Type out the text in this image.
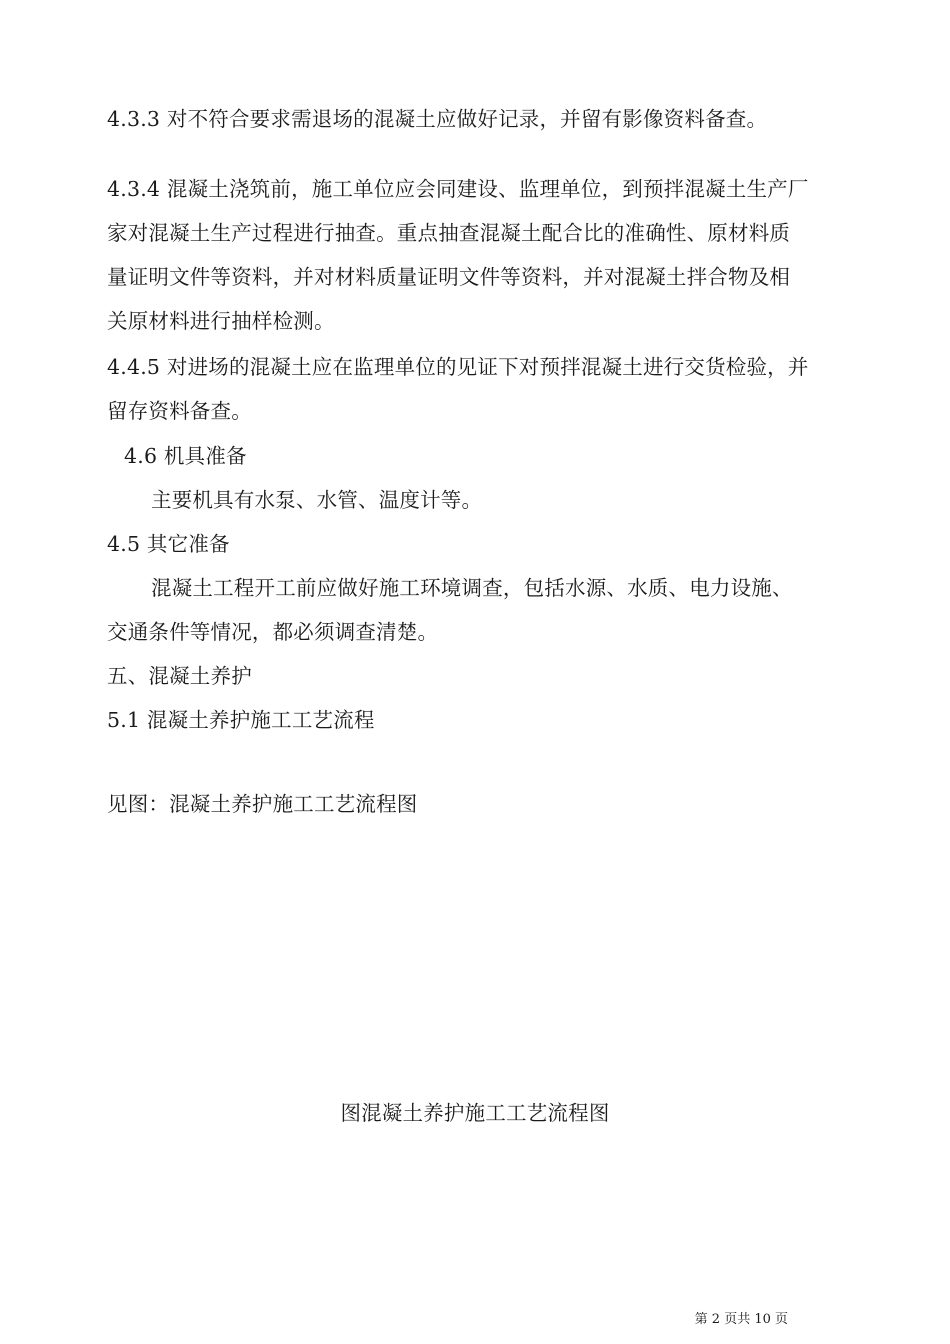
4.3.3 对不符合要求需退场的混凝土应做好记录，并留有影像资料备查。
4.3.4 混凝土浇筑前，施工单位应会同建设、监理单位，到预拌混凝土生产厂
家对混凝土生产过程进行抽查。重点抽查混凝土配合比的准确性、原材料质
量证明文件等资料，并对材料质量证明文件等资料，并对混凝土拌合物及相
关原材料进行抽样检测。
4.4.5 对进场的混凝土应在监理单位的见证下对预拌混凝土进行交货检验，并
留存资料备查。
4.6 机具准备
主要机具有水泵、水管、温度计等。
4.5 其它准备
混凝土工程开工前应做好施工环境调查，包括水源、水质、电力设施、
交通条件等情况，都必须调查清楚。
五、混凝土养护
5.1 混凝土养护施工工艺流程
见图：混凝土养护施工工艺流程图
图混凝土养护施工工艺流程图
第 2 页共 10 页
